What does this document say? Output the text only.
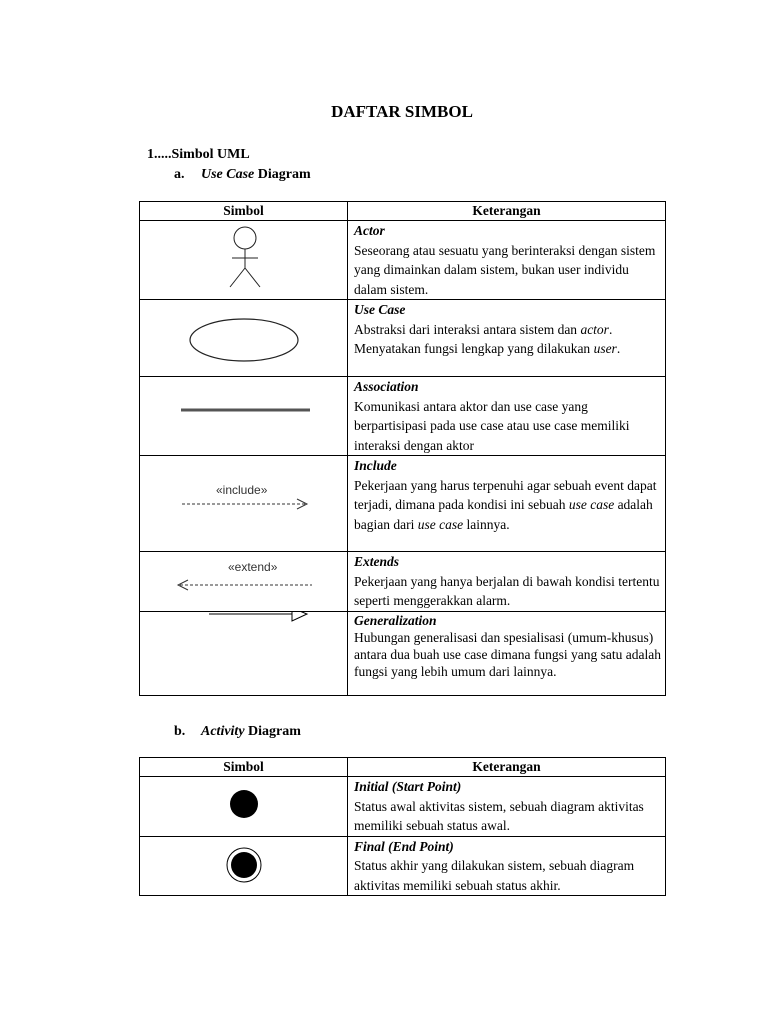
DAFTAR SIMBOL
1.....Simbol UML
a. Use Case Diagram
Simbol	Keterangan

Actor
Seseorang atau sesuatu yang berinteraksi dengan sistem yang dimainkan dalam sistem, bukan user individu dalam sistem.

Use Case
Abstraksi dari interaksi antara sistem dan actor. Menyatakan fungsi lengkap yang dilakukan user.

Association
Komunikasi antara aktor dan use case yang berpartisipasi pada use case atau use case memiliki interaksi dengan aktor

«include»	Include
Pekerjaan yang harus terpenuhi agar sebuah event dapat terjadi, dimana pada kondisi ini sebuah use case adalah bagian dari use case lainnya.

«extend»	Extends
Pekerjaan yang hanya berjalan di bawah kondisi tertentu seperti menggerakkan alarm.

Generalization
Hubungan generalisasi dan spesialisasi (umum-khusus) antara dua buah use case dimana fungsi yang satu adalah fungsi yang lebih umum dari lainnya.
b. Activity Diagram
Simbol	Keterangan

Initial (Start Point)
Status awal aktivitas sistem, sebuah diagram aktivitas memiliki sebuah status awal.

Final (End Point)
Status akhir yang dilakukan sistem, sebuah diagram aktivitas memiliki sebuah status akhir.
